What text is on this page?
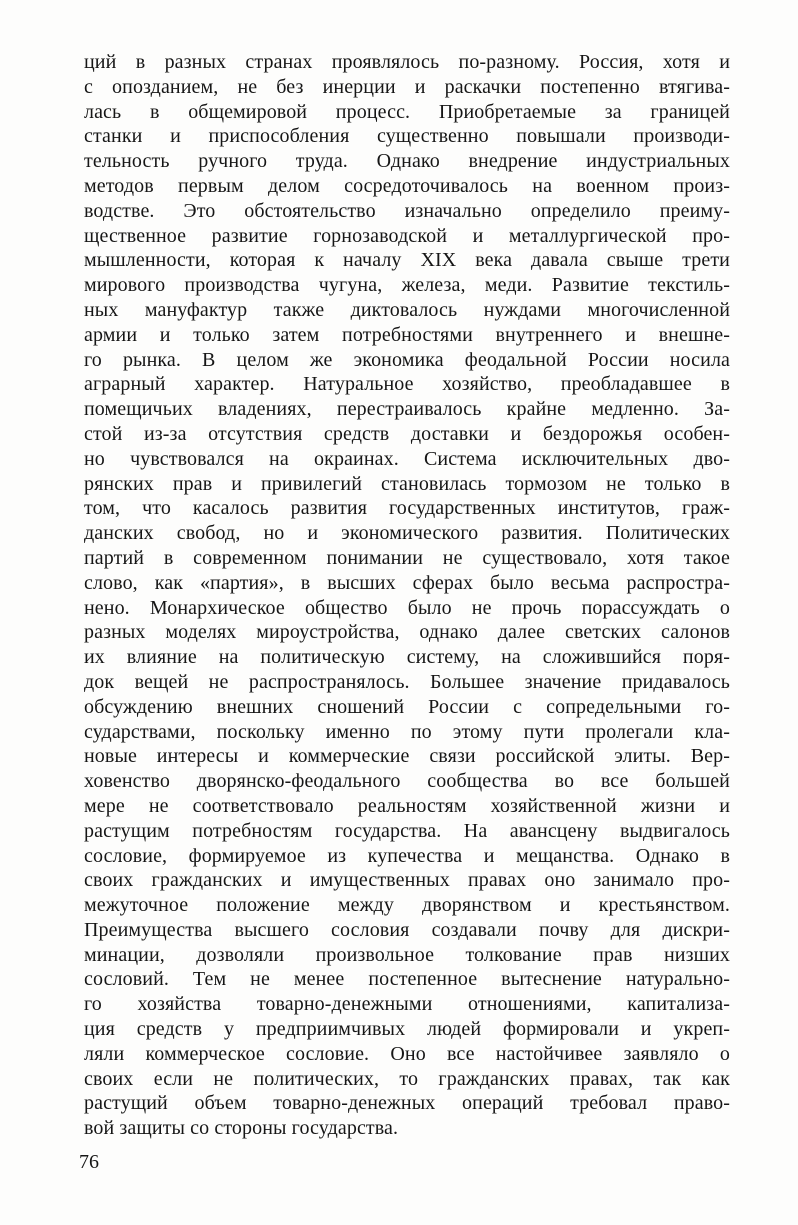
ций в разных странах проявлялось по-разному. Россия, хотя и
с опозданием, не без инерции и раскачки постепенно втягива-
лась в общемировой процесс. Приобретаемые за границей
станки и приспособления существенно повышали производи-
тельность ручного труда. Однако внедрение индустриальных
методов первым делом сосредоточивалось на военном произ-
водстве. Это обстоятельство изначально определило преиму-
щественное развитие горнозаводской и металлургической про-
мышленности, которая к началу XIX века давала свыше трети
мирового производства чугуна, железа, меди. Развитие текстиль-
ных мануфактур также диктовалось нуждами многочисленной
армии и только затем потребностями внутреннего и внешне-
го рынка. В целом же экономика феодальной России носила
аграрный характер. Натуральное хозяйство, преобладавшее в
помещичьих владениях, перестраивалось крайне медленно. За-
стой из-за отсутствия средств доставки и бездорожья особен-
но чувствовался на окраинах. Система исключительных дво-
рянских прав и привилегий становилась тормозом не только в
том, что касалось развития государственных институтов, граж-
данских свобод, но и экономического развития. Политических
партий в современном понимании не существовало, хотя такое
слово, как «партия», в высших сферах было весьма распростра-
нено. Монархическое общество было не прочь порассуждать о
разных моделях мироустройства, однако далее светских салонов
их влияние на политическую систему, на сложившийся поря-
док вещей не распространялось. Большее значение придавалось
обсуждению внешних сношений России с сопредельными го-
сударствами, поскольку именно по этому пути пролегали кла-
новые интересы и коммерческие связи российской элиты. Вер-
ховенство дворянско-феодального сообщества во все большей
мере не соответствовало реальностям хозяйственной жизни и
растущим потребностям государства. На авансцену выдвигалось
сословие, формируемое из купечества и мещанства. Однако в
своих гражданских и имущественных правах оно занимало про-
межуточное положение между дворянством и крестьянством.
Преимущества высшего сословия создавали почву для дискри-
минации, дозволяли произвольное толкование прав низших
сословий. Тем не менее постепенное вытеснение натурально-
го хозяйства товарно-денежными отношениями, капитализа-
ция средств у предприимчивых людей формировали и укреп-
ляли коммерческое сословие. Оно все настойчивее заявляло о
своих если не политических, то гражданских правах, так как
растущий объем товарно-денежных операций требовал право-
вой защиты со стороны государства.
76
